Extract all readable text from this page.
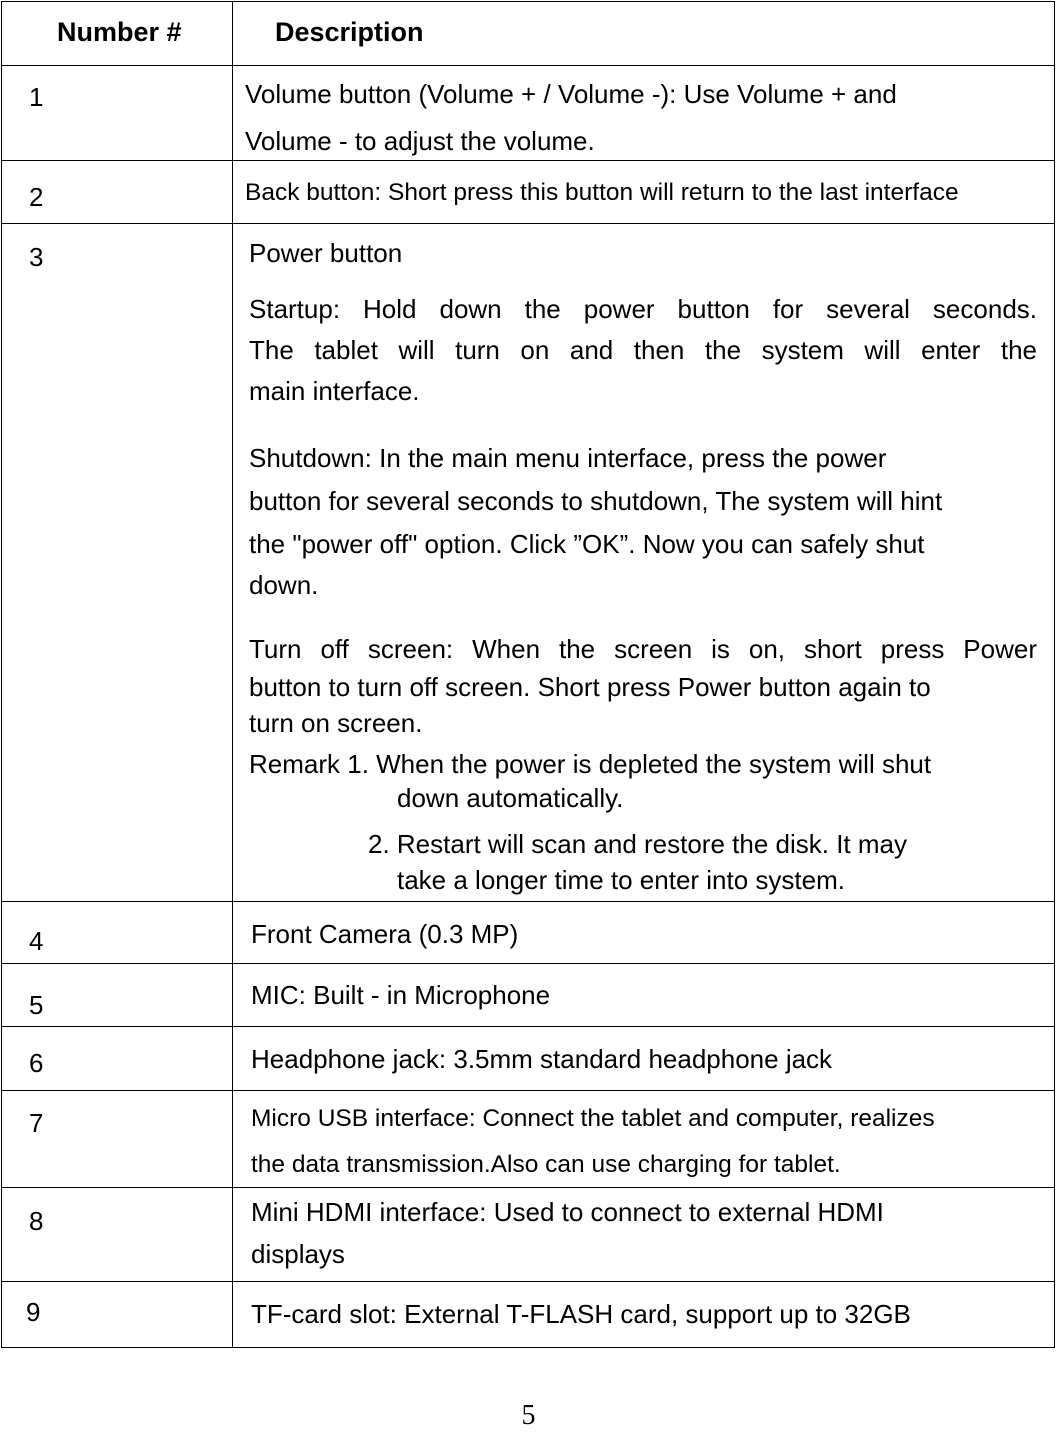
Number #	Description
1	Volume button (Volume + / Volume -): Use Volume + and
Volume - to adjust the volume.
2	Back button: Short press this button will return to the last interface
3	Power button
Startup: Hold down the power button for several seconds.
The tablet will turn on and then the system will enter the
main interface.
Shutdown: In the main menu interface, press the power
button for several seconds to shutdown, The system will hint
the "power off" option. Click ”OK”. Now you can safely shut
down.
Turn off screen: When the screen is on, short press Power
button to turn off screen. Short press Power button again to
turn on screen.
Remark 1. When the power is depleted the system will shut
down automatically.
2. Restart will scan and restore the disk. It may
take a longer time to enter into system.
4	Front Camera (0.3 MP)
5	MIC: Built - in Microphone
6	Headphone jack: 3.5mm standard headphone jack
7	Micro USB interface: Connect the tablet and computer, realizes
the data transmission.Also can use charging for tablet.
8	Mini HDMI interface: Used to connect to external HDMI
displays
9	TF-card slot: External T-FLASH card, support up to 32GB
5
